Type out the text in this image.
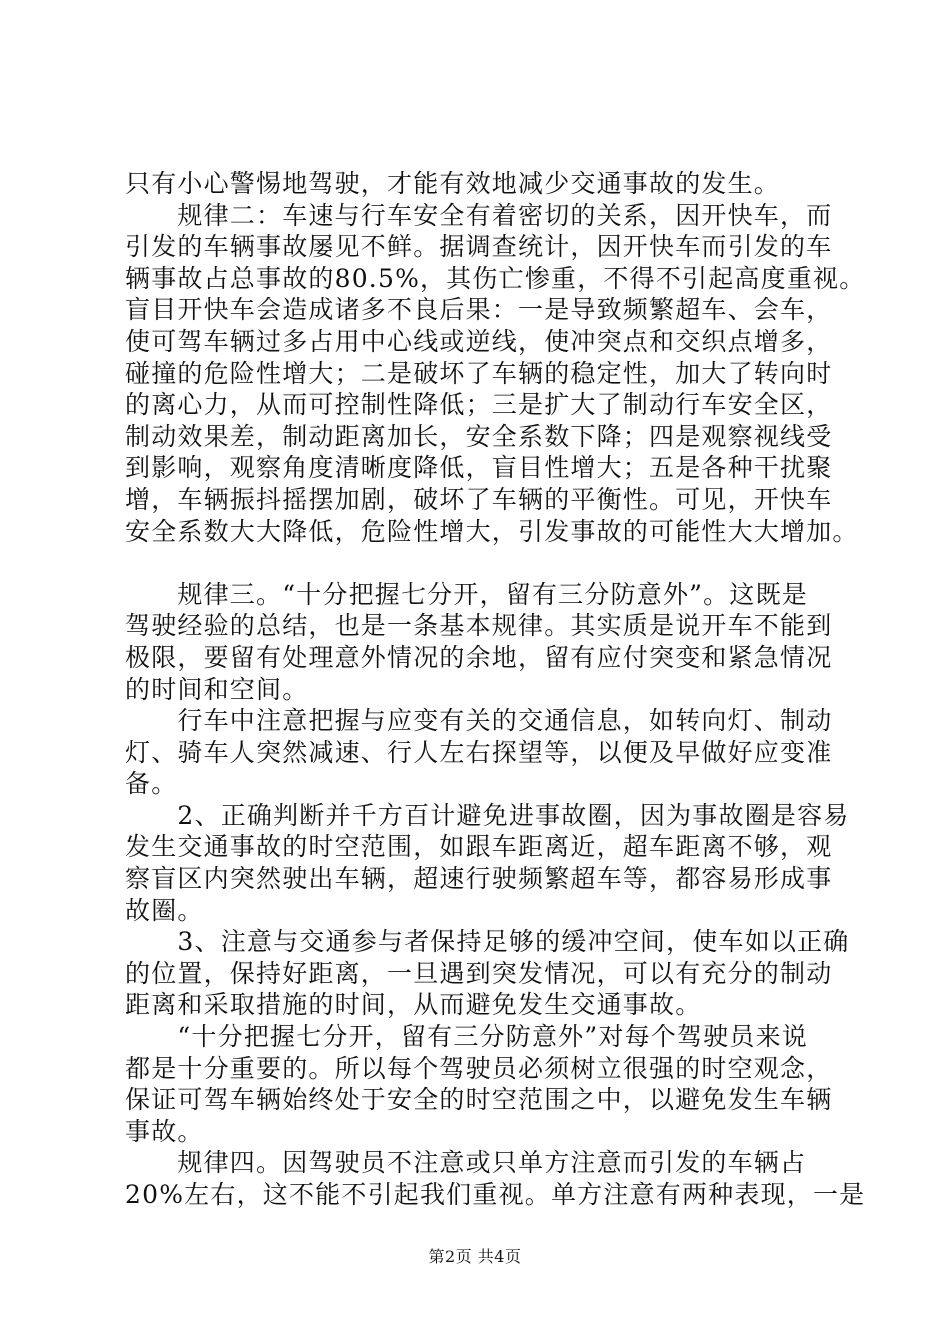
只有小心警惕地驾驶，才能有效地减少交通事故的发生。
　　规律二：车速与行车安全有着密切的关系，因开快车，而
引发的车辆事故屡见不鲜。据调查统计，因开快车而引发的车
辆事故占总事故的80.5%，其伤亡惨重，不得不引起高度重视。
盲目开快车会造成诸多不良后果：一是导致频繁超车、会车，
使可驾车辆过多占用中心线或逆线，使冲突点和交织点增多，
碰撞的危险性增大；二是破坏了车辆的稳定性，加大了转向时
的离心力，从而可控制性降低；三是扩大了制动行车安全区，
制动效果差，制动距离加长，安全系数下降；四是观察视线受
到影响，观察角度清晰度降低，盲目性增大；五是各种干扰聚
增，车辆振抖摇摆加剧，破坏了车辆的平衡性。可见，开快车
安全系数大大降低，危险性增大，引发事故的可能性大大增加。
　　规律三。“十分把握七分开，留有三分防意外”。这既是
驾驶经验的总结，也是一条基本规律。其实质是说开车不能到
极限，要留有处理意外情况的余地，留有应付突变和紧急情况
的时间和空间。
　　行车中注意把握与应变有关的交通信息，如转向灯、制动
灯、骑车人突然减速、行人左右探望等，以便及早做好应变准
备。
　　2、正确判断并千方百计避免进事故圈，因为事故圈是容易
发生交通事故的时空范围，如跟车距离近，超车距离不够，观
察盲区内突然驶出车辆，超速行驶频繁超车等，都容易形成事
故圈。
　　3、注意与交通参与者保持足够的缓冲空间，使车如以正确
的位置，保持好距离，一旦遇到突发情况，可以有充分的制动
距离和采取措施的时间，从而避免发生交通事故。
　　“十分把握七分开，留有三分防意外”对每个驾驶员来说
都是十分重要的。所以每个驾驶员必须树立很强的时空观念，
保证可驾车辆始终处于安全的时空范围之中，以避免发生车辆
事故。
　　规律四。因驾驶员不注意或只单方注意而引发的车辆占
20%左右，这不能不引起我们重视。单方注意有两种表现，一是
第2页 共4页
